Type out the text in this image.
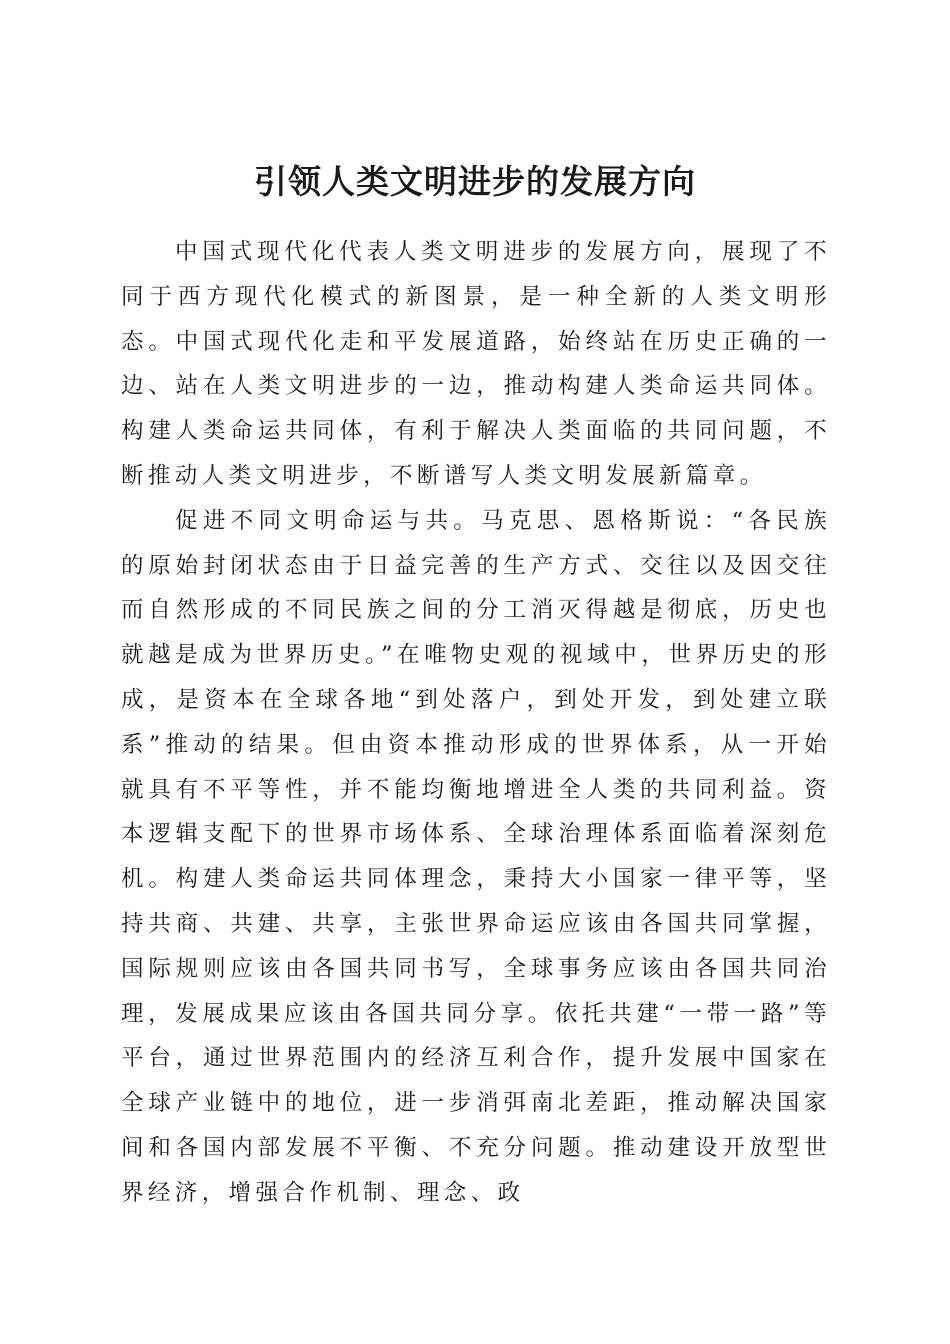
引领人类文明进步的发展方向

中国式现代化代表人类文明进步的发展方向，展现了不同于西方现代化模式的新图景，是一种全新的人类文明形态。中国式现代化走和平发展道路，始终站在历史正确的一边、站在人类文明进步的一边，推动构建人类命运共同体。构建人类命运共同体，有利于解决人类面临的共同问题，不断推动人类文明进步，不断谱写人类文明发展新篇章。

促进不同文明命运与共。马克思、恩格斯说：“各民族的原始封闭状态由于日益完善的生产方式、交往以及因交往而自然形成的不同民族之间的分工消灭得越是彻底，历史也就越是成为世界历史。”在唯物史观的视域中，世界历史的形成，是资本在全球各地“到处落户，到处开发，到处建立联系”推动的结果。但由资本推动形成的世界体系，从一开始就具有不平等性，并不能均衡地增进全人类的共同利益。资本逻辑支配下的世界市场体系、全球治理体系面临着深刻危机。构建人类命运共同体理念，秉持大小国家一律平等，坚持共商、共建、共享，主张世界命运应该由各国共同掌握，国际规则应该由各国共同书写，全球事务应该由各国共同治理，发展成果应该由各国共同分享。依托共建“一带一路”等平台，通过世界范围内的经济互利合作，提升发展中国家在全球产业链中的地位，进一步消弭南北差距，推动解决国家间和各国内部发展不平衡、不充分问题。推动建设开放型世界经济，增强合作机制、理念、政
